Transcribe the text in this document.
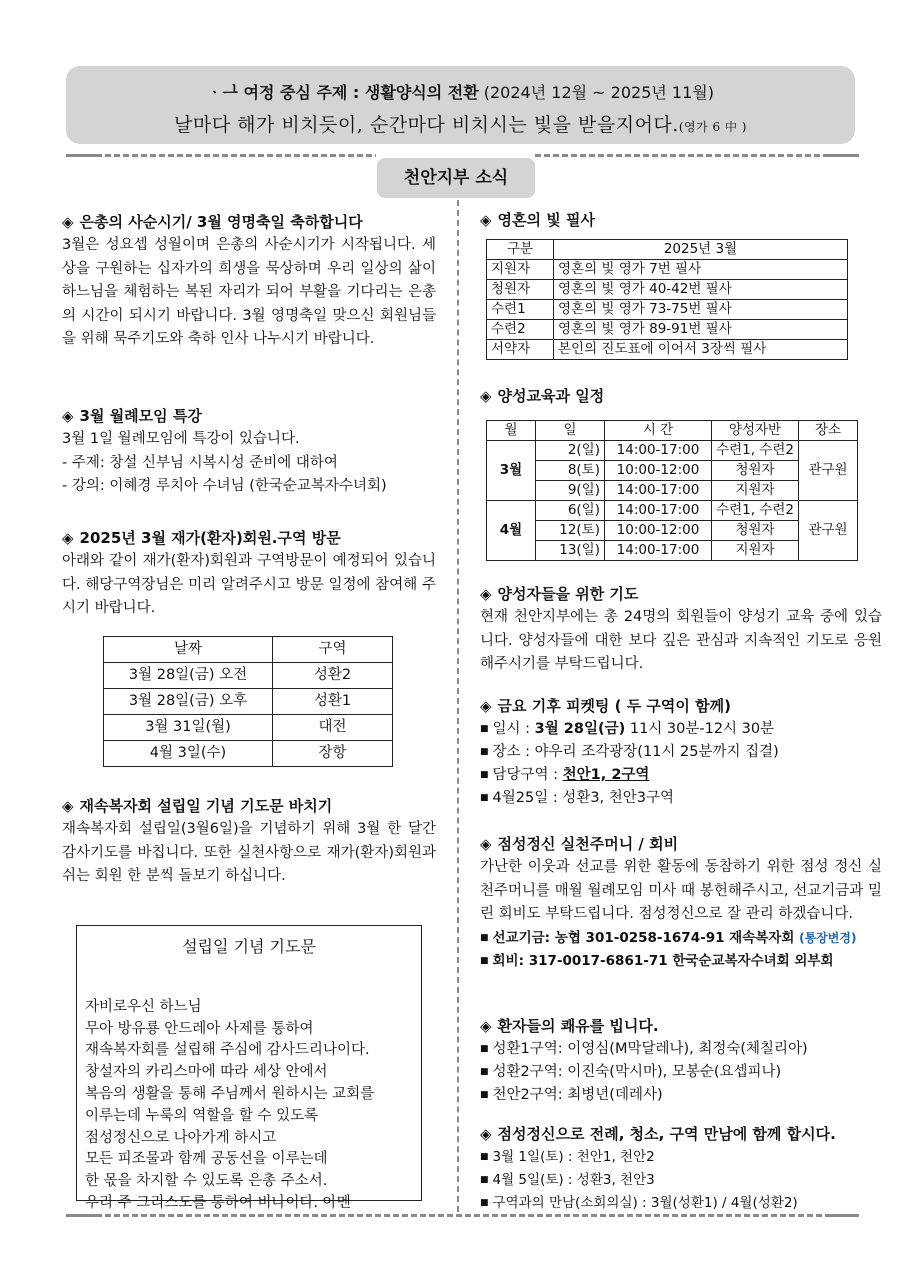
ᆞᆜ 여정 중심 주제 : 생활양식의 전환 (2024년 12월 ~ 2025년 11월)
날마다 해가 비치듯이, 순간마다 비치시는 빛을 받을지어다.(영가 6 中 )
천안지부 소식
◈ 은총의 사순시기/ 3월 영명축일 축하합니다

3월은 성요셉 성월이며 은총의 사순시기가 시작됩니다. 세상을 구원하는 십자가의 희생을 묵상하며 우리 일상의 삶이 하느님을 체험하는 복된 자리가 되어 부활을 기다리는 은총의 시간이 되시기 바랍니다. 3월 영명축일 맞으신 회원님들을 위해 묵주기도와 축하 인사 나누시기 바랍니다.

◈ 3월 월례모임 특강
3월 1일 월례모임에 특강이 있습니다.
- 주제: 창설 신부님 시복시성 준비에 대하여
- 강의: 이혜경 루치아 수녀님 (한국순교복자수녀회)
◈ 2025년 3월 재가(환자)회원.구역 방문

아래와 같이 재가(환자)회원과 구역방문이 예정되어 있습니다. 해당구역장님은 미리 알려주시고 방문 일정에 참여해 주시기 바랍니다.

날짜	구역
3월 28일(금) 오전	성환2
3월 28일(금) 오후	성환1
3월 31일(월)	대전
4월 3일(수)	장항
◈ 재속복자회 설립일 기념 기도문 바치기

재속복자회 설립일(3월6일)을 기념하기 위해 3월 한 달간 감사기도를 바칩니다. 또한 실천사항으로 재가(환자)회원과 쉬는 회원 한 분씩 돌보기 하십니다.

설립일 기념 기도문

자비로우신 하느님
무아 방유룡 안드레아 사제를 통하여
재속복자회를 설립해 주심에 감사드리나이다.
창설자의 카리스마에 따라 세상 안에서
복음의 생활을 통해 주님께서 원하시는 교회를
이루는데 누룩의 역할을 할 수 있도록
점성정신으로 나아가게 하시고
모든 피조물과 함께 공동선을 이루는데
한 몫을 차지할 수 있도록 은총 주소서.
우리 주 그리스도를 통하여 비나이다. 아멘
◈ 영혼의 빛 필사
구분	2025년 3월
지원자	영혼의 빛 영가 7번 필사
청원자	영혼의 빛 영가 40-42번 필사
수련1	영혼의 빛 영가 73-75번 필사
수련2	영혼의 빛 영가 89-91번 필사
서약자	본인의 진도표에 이어서 3장씩 필사
◈ 양성교육과 일정
월	일	시 간	양성자반	장소
3월	2(일)	14:00-17:00	수련1, 수련2	관구원
	8(토)	10:00-12:00	청원자	
	9(일)	14:00-17:00	지원자	
4월	6(일)	14:00-17:00	수련1, 수련2	관구원
	12(토)	10:00-12:00	청원자	
	13(일)	14:00-17:00	지원자	
◈ 양성자들을 위한 기도

현재 천안지부에는 총 24명의 회원들이 양성기 교육 중에 있습니다. 양성자들에 대한 보다 깊은 관심과 지속적인 기도로 응원해주시기를 부탁드립니다.

◈ 금요 기후 피켓팅 ( 두 구역이 함께)
■ 일시 : 3월 28일(금) 11시 30분-12시 30분
■ 장소 : 야우리 조각광장(11시 25분까지 집결)
■ 담당구역 : 천안1, 2구역
■ 4월25일 : 성환3, 천안3구역
◈ 점성정신 실천주머니 / 회비

가난한 이웃과 선교를 위한 활동에 동참하기 위한 점성 정신 실천주머니를 매월 월례모임 미사 때 봉헌해주시고, 선교기금과 밀린 회비도 부탁드립니다. 점성정신으로 잘 관리 하겠습니다.

■ 선교기금: 농협 301-0258-1674-91 재속복자회 (통장변경)
■ 회비: 317-0017-6861-71 한국순교복자수녀회 외부회
◈ 환자들의 쾌유를 빕니다.
■ 성환1구역: 이영심(M막달레나), 최정숙(체칠리아)
■ 성환2구역: 이진숙(막시마), 모봉순(요셉피나)
■ 천안2구역: 최병년(데레사)
◈ 점성정신으로 전례, 청소, 구역 만남에 함께 합시다.
■ 3월 1일(토) : 천안1, 천안2
■ 4월 5일(토) : 성환3, 천안3
■ 구역과의 만남(소회의실) : 3월(성환1) / 4월(성환2)
